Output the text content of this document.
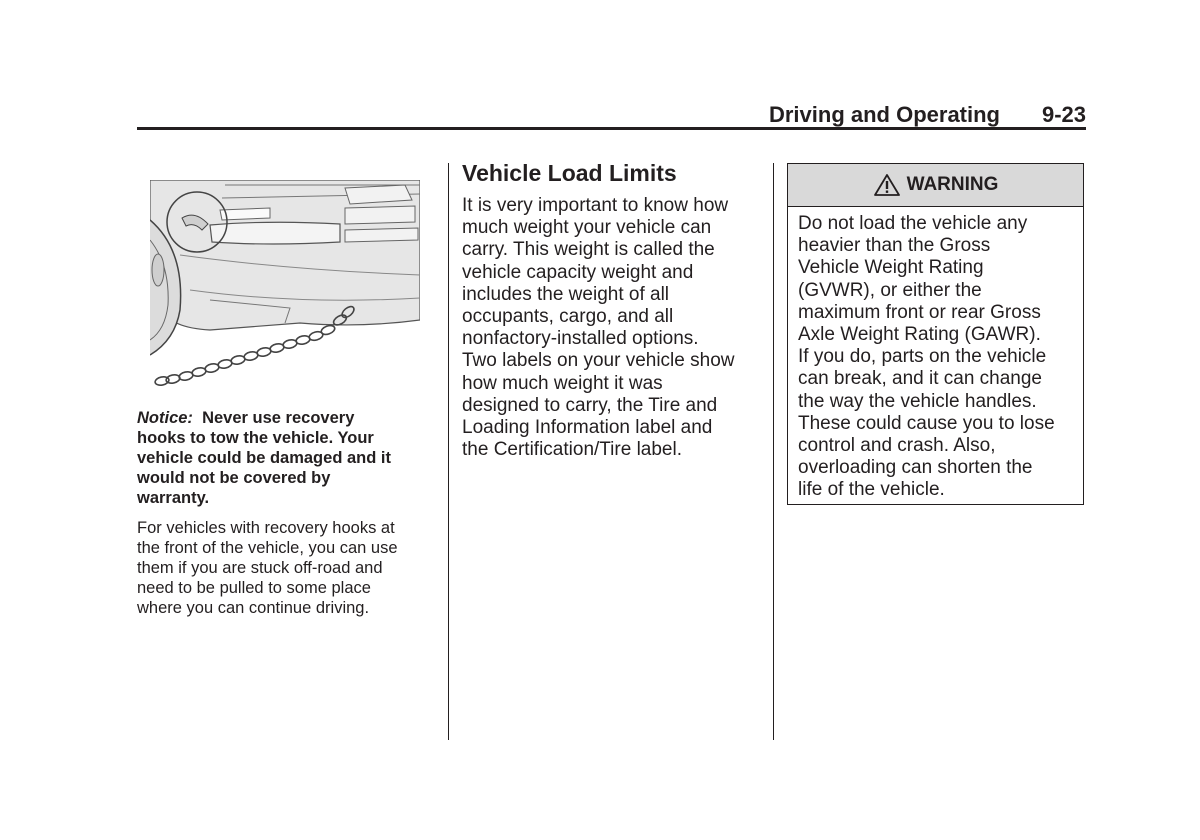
Driving and Operating 9-23
Notice: Never use recovery
hooks to tow the vehicle. Your
vehicle could be damaged and it
would not be covered by
warranty.
For vehicles with recovery hooks at
the front of the vehicle, you can use
them if you are stuck off-road and
need to be pulled to some place
where you can continue driving.
Vehicle Load Limits
It is very important to know how
much weight your vehicle can
carry. This weight is called the
vehicle capacity weight and
includes the weight of all
occupants, cargo, and all
nonfactory-installed options.
Two labels on your vehicle show
how much weight it was
designed to carry, the Tire and
Loading Information label and
the Certification/Tire label.
WARNING
Do not load the vehicle any
heavier than the Gross
Vehicle Weight Rating
(GVWR), or either the
maximum front or rear Gross
Axle Weight Rating (GAWR).
If you do, parts on the vehicle
can break, and it can change
the way the vehicle handles.
These could cause you to lose
control and crash. Also,
overloading can shorten the
life of the vehicle.
